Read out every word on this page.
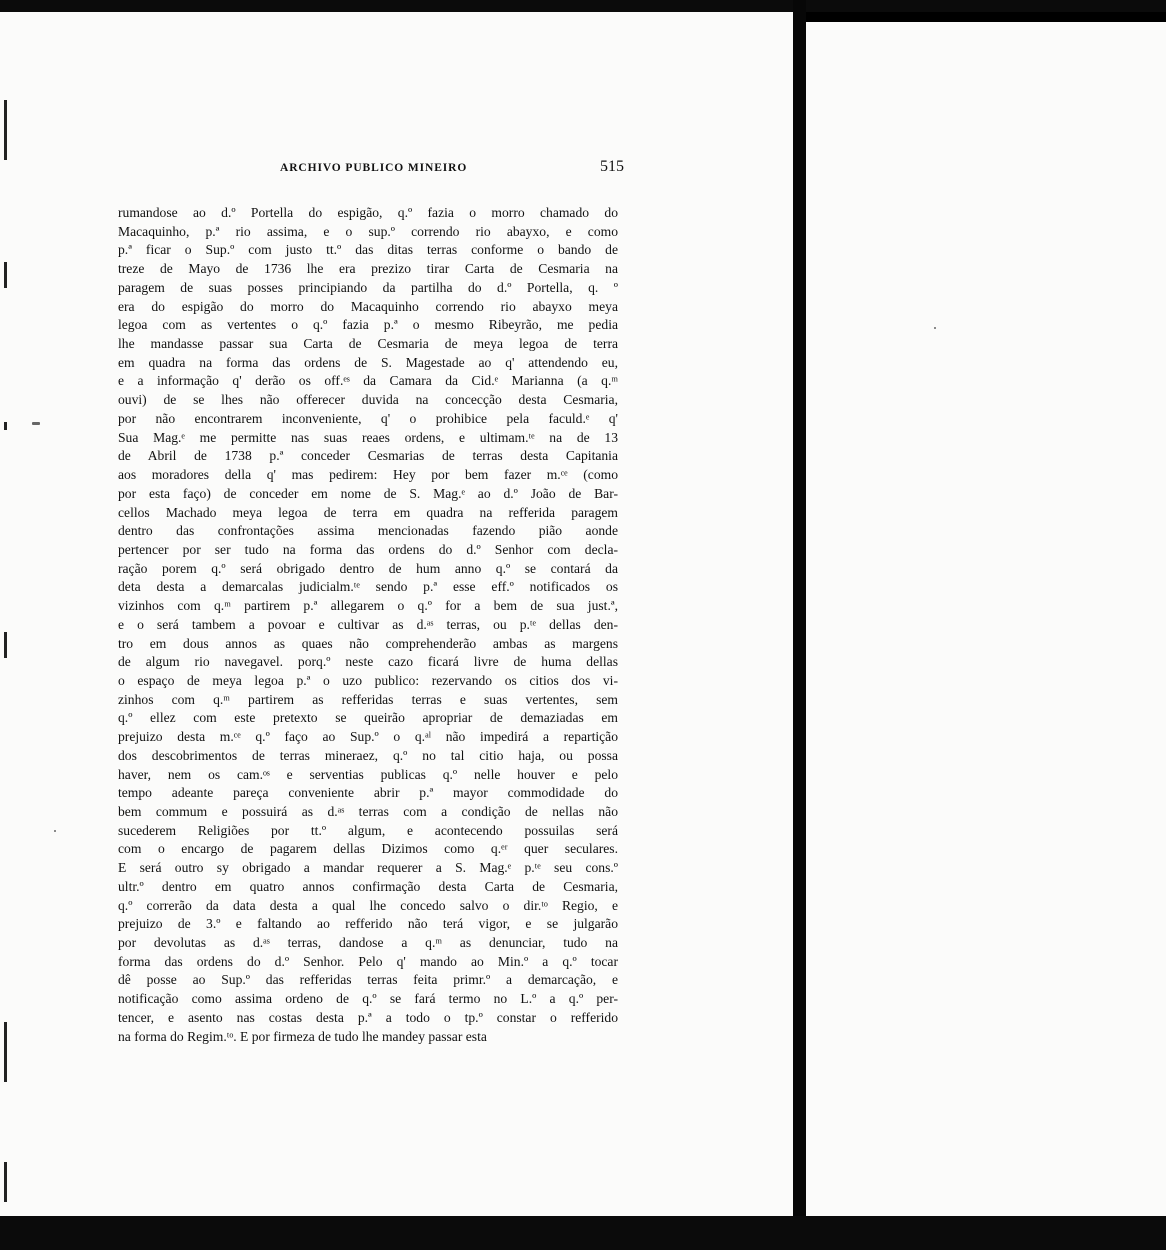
ARCHIVO PUBLICO MINEIRO	515
rumandose ao d.º Portella do espigão, q.º fazia o morro chamado do
Macaquinho, p.ª rio assima, e o sup.º correndo rio abayxo, e como
p.ª ficar o Sup.º com justo tt.º das ditas terras conforme o bando de
treze de Mayo de 1736 lhe era prezizo tirar Carta de Cesmaria na
paragem de suas posses principiando da partilha do d.º Portella, q. º
era do espigão do morro do Macaquinho correndo rio abayxo meya
legoa com as vertentes o q.º fazia p.ª o mesmo Ribeyrão, me pedia
lhe mandasse passar sua Carta de Cesmaria de meya legoa de terra
em quadra na forma das ordens de S. Magestade ao q' attendendo eu,
e a informação q' derão os off.ᵉˢ da Camara da Cid.ᵉ Marianna (a q.ᵐ
ouvi) de se lhes não offerecer duvida na concecção desta Cesmaria,
por não encontrarem inconveniente, q' o prohibice pela faculd.ᵉ q'
Sua Mag.ᵉ me permitte nas suas reaes ordens, e ultimam.ᵗᵉ na de 13
de Abril de 1738 p.ª conceder Cesmarias de terras desta Capitania
aos moradores della q' mas pedirem: Hey por bem fazer m.ᶜᵉ (como
por esta faço) de conceder em nome de S. Mag.ᵉ ao d.º João de Bar-
cellos Machado meya legoa de terra em quadra na refferida paragem
dentro das confrontações assima mencionadas fazendo pião aonde
pertencer por ser tudo na forma das ordens do d.º Senhor com decla-
ração porem q.º será obrigado dentro de hum anno q.º se contará da
deta desta a demarcalas judicialm.ᵗᵉ sendo p.ª esse eff.º notificados os
vizinhos com q.ᵐ partirem p.ª allegarem o q.º for a bem de sua just.ª,
e o será tambem a povoar e cultivar as d.ᵃˢ terras, ou p.ᵗᵉ dellas den-
tro em dous annos as quaes não comprehenderão ambas as margens
de algum rio navegavel. porq.º neste cazo ficará livre de huma dellas
o espaço de meya legoa p.ª o uzo publico: rezervando os citios dos vi-
zinhos com q.ᵐ partirem as refferidas terras e suas vertentes, sem
q.º ellez com este pretexto se queirão apropriar de demaziadas em
prejuizo desta m.ᶜᵉ q.º faço ao Sup.º o q.ᵃˡ não impedirá a repartição
dos descobrimentos de terras mineraez, q.º no tal citio haja, ou possa
haver, nem os cam.ᵒˢ e serventias publicas q.º nelle houver e pelo
tempo adeante pareça conveniente abrir p.ª mayor commodidade do
bem commum e possuirá as d.ᵃˢ terras com a condição de nellas não
sucederem Religiões por tt.º algum, e acontecendo possuilas será
com o encargo de pagarem dellas Dizimos como q.ᵉʳ quer seculares.
E será outro sy obrigado a mandar requerer a S. Mag.ᵉ p.ᵗᵉ seu cons.º
ultr.º dentro em quatro annos confirmação desta Carta de Cesmaria,
q.º correrão da data desta a qual lhe concedo salvo o dir.ᵗᵒ Regio, e
prejuizo de 3.º e faltando ao refferido não terá vigor, e se julgarão
por devolutas as d.ᵃˢ terras, dandose a q.ᵐ as denunciar, tudo na
forma das ordens do d.º Senhor. Pelo q' mando ao Min.º a q.º tocar
dê posse ao Sup.º das refferidas terras feita primr.º a demarcação, e
notificação como assima ordeno de q.º se fará termo no L.º a q.º per-
tencer, e asento nas costas desta p.ª a todo o tp.º constar o refferido
na forma do Regim.ᵗᵒ. E por firmeza de tudo lhe mandey passar esta
